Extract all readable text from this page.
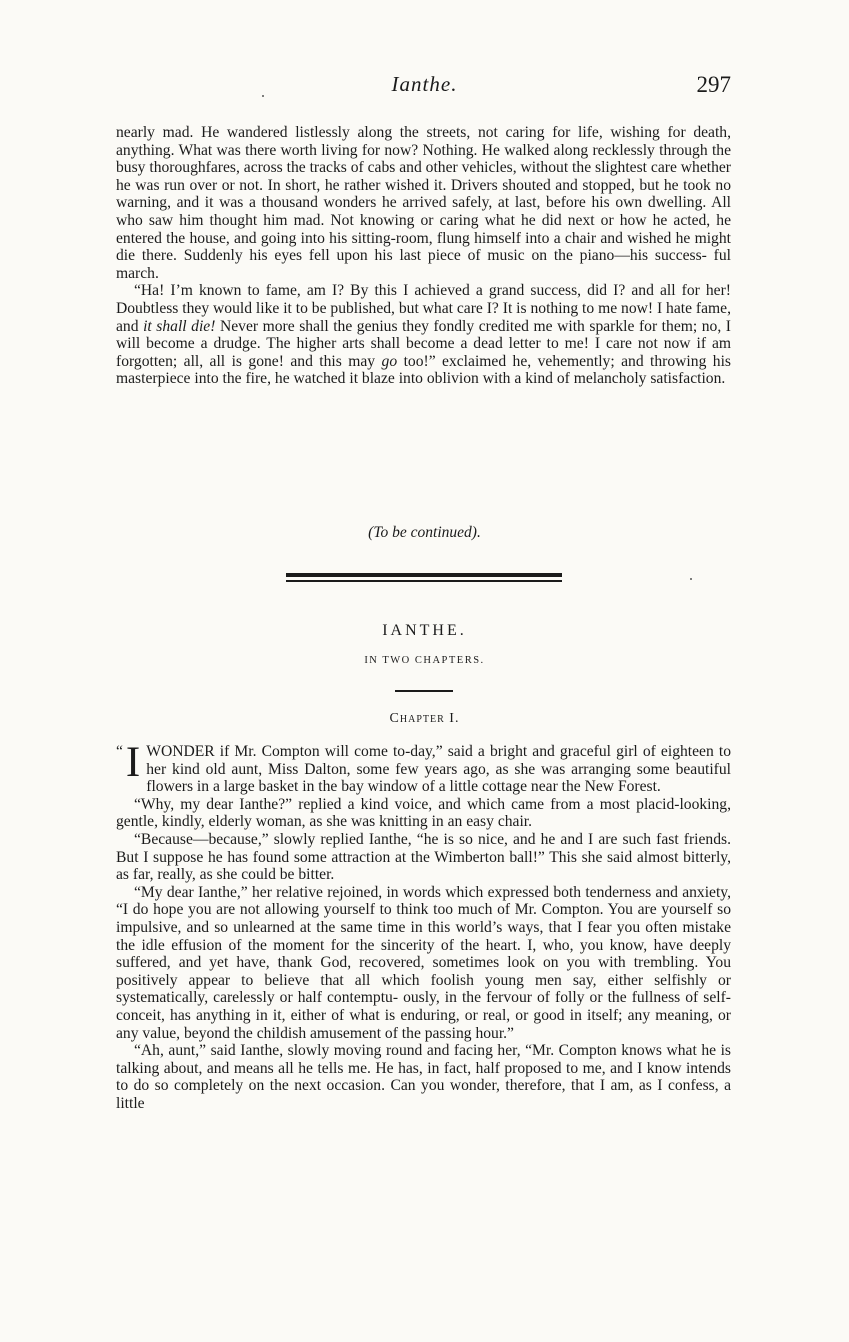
Ianthe.	297

nearly mad. He wandered listlessly along the streets, not caring for life, wishing for death, anything. What was there worth living for now? Nothing. He walked along recklessly through the busy thoroughfares, across the tracks of cabs and other vehicles, without the slightest care whether he was run over or not. In short, he rather wished it. Drivers shouted and stopped, but he took no warning, and it was a thousand wonders he arrived safely, at last, before his own dwelling. All who saw him thought him mad. Not knowing or caring what he did next or how he acted, he entered the house, and going into his sitting-room, flung himself into a chair and wished he might die there. Suddenly his eyes fell upon his last piece of music on the piano—his success- ful march.

“Ha! I’m known to fame, am I? By this I achieved a grand success, did I? and all for her! Doubtless they would like it to be published, but what care I? It is nothing to me now! I hate fame, and it shall die! Never more shall the genius they fondly credited me with sparkle for them; no, I will become a drudge. The higher arts shall become a dead letter to me! I care not now if am forgotten; all, all is gone! and this may go too!” exclaimed he, vehemently; and throwing his masterpiece into the fire, he watched it blaze into oblivion with a kind of melancholy satisfaction.

(To be continued).
IANTHE.
IN TWO CHAPTERS.
Chapter I.

“ I WONDER if Mr. Compton will come to-day,” said a bright and graceful girl of eighteen to her kind old aunt, Miss Dalton, some few years ago, as she was arranging some beautiful flowers in a large basket in the bay window of a little cottage near the New Forest.

“Why, my dear Ianthe?” replied a kind voice, and which came from a most placid-looking, gentle, kindly, elderly woman, as she was knitting in an easy chair.

“Because—because,” slowly replied Ianthe, “he is so nice, and he and I are such fast friends. But I suppose he has found some attraction at the Wimberton ball!” This she said almost bitterly, as far, really, as she could be bitter.

“My dear Ianthe,” her relative rejoined, in words which expressed both tenderness and anxiety, “I do hope you are not allowing yourself to think too much of Mr. Compton. You are yourself so impulsive, and so unlearned at the same time in this world’s ways, that I fear you often mistake the idle effusion of the moment for the sincerity of the heart. I, who, you know, have deeply suffered, and yet have, thank God, recovered, sometimes look on you with trembling. You positively appear to believe that all which foolish young men say, either selfishly or systematically, carelessly or half contemptu- ously, in the fervour of folly or the fullness of self-conceit, has anything in it, either of what is enduring, or real, or good in itself; any meaning, or any value, beyond the childish amusement of the passing hour.”

“Ah, aunt,” said Ianthe, slowly moving round and facing her, “Mr. Compton knows what he is talking about, and means all he tells me. He has, in fact, half proposed to me, and I know intends to do so completely on the next occasion. Can you wonder, therefore, that I am, as I confess, a little
